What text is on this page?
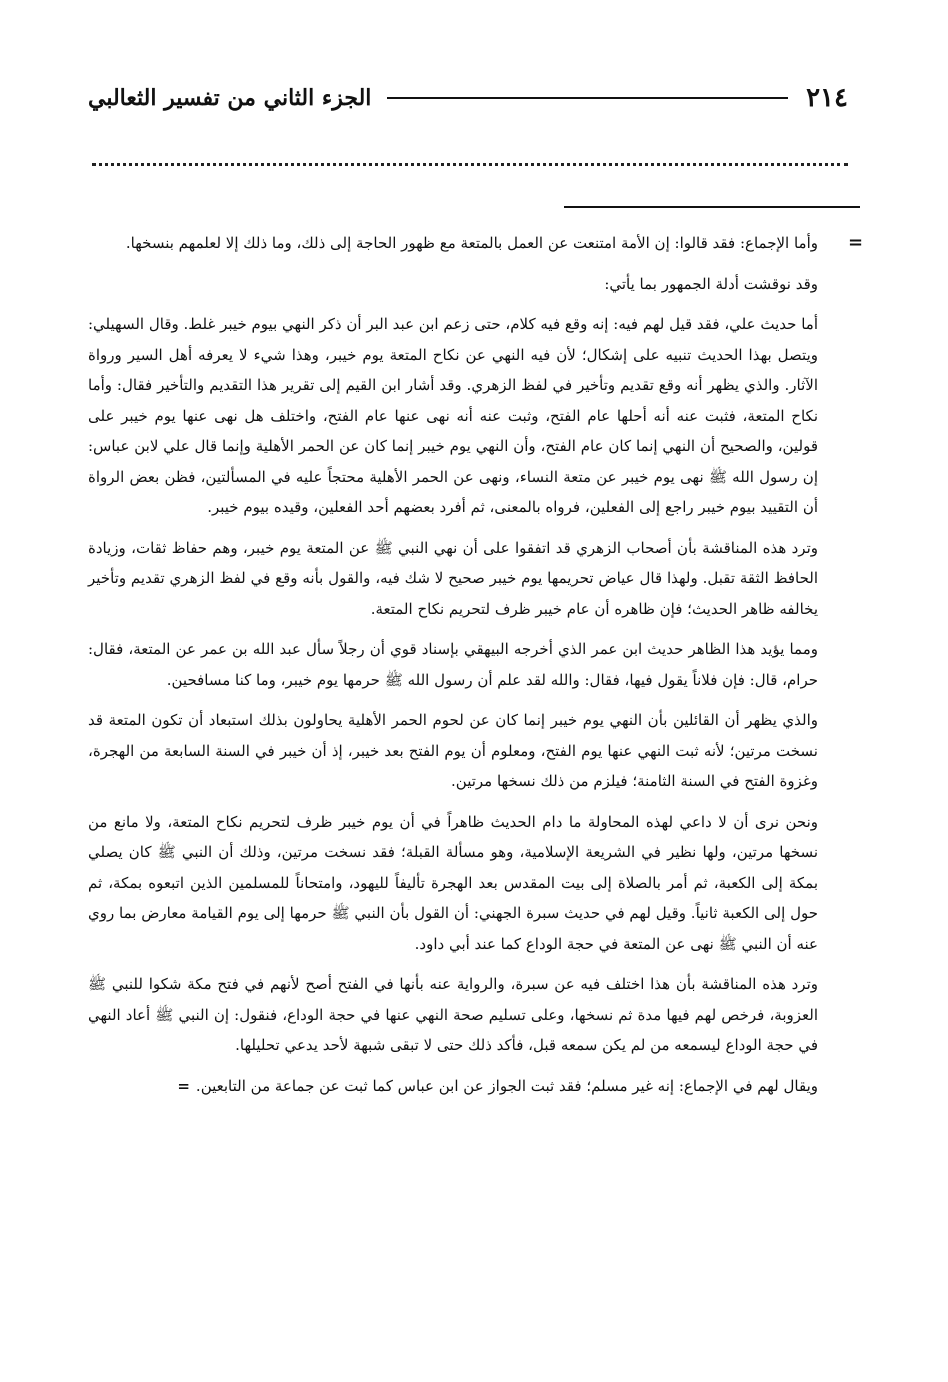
٢١٤
الجزء الثاني من تفسير الثعالبي
=

وأما الإجماع: فقد قالوا: إن الأمة امتنعت عن العمل بالمتعة مع ظهور الحاجة إلى ذلك، وما ذلك إلا لعلمهم بنسخها.

وقد نوقشت أدلة الجمهور بما يأتي:

أما حديث علي، فقد قيل لهم فيه: إنه وقع فيه كلام، حتى زعم ابن عبد البر أن ذكر النهي بيوم خيبر غلط. وقال السهيلي: ويتصل بهذا الحديث تنبيه على إشكال؛ لأن فيه النهي عن نكاح المتعة يوم خيبر، وهذا شيء لا يعرفه أهل السير ورواة الآثار. والذي يظهر أنه وقع تقديم وتأخير في لفظ الزهري. وقد أشار ابن القيم إلى تقرير هذا التقديم والتأخير فقال: وأما نكاح المتعة، فثبت عنه أنه أحلها عام الفتح، وثبت عنه أنه نهى عنها عام الفتح، واختلف هل نهى عنها يوم خيبر على قولين، والصحيح أن النهي إنما كان عام الفتح، وأن النهي يوم خيبر إنما كان عن الحمر الأهلية وإنما قال علي لابن عباس: إن رسول الله ﷺ نهى يوم خيبر عن متعة النساء، ونهى عن الحمر الأهلية محتجاً عليه في المسألتين، فظن بعض الرواة أن التقييد بيوم خيبر راجع إلى الفعلين، فرواه بالمعنى، ثم أفرد بعضهم أحد الفعلين، وقيده بيوم خيبر.

وترد هذه المناقشة بأن أصحاب الزهري قد اتفقوا على أن نهي النبي ﷺ عن المتعة يوم خيبر، وهم حفاظ ثقات، وزيادة الحافظ الثقة تقبل. ولهذا قال عياض تحريمها يوم خيبر صحيح لا شك فيه، والقول بأنه وقع في لفظ الزهري تقديم وتأخير يخالفه ظاهر الحديث؛ فإن ظاهره أن عام خيبر ظرف لتحريم نكاح المتعة.

ومما يؤيد هذا الظاهر حديث ابن عمر الذي أخرجه البيهقي بإسناد قوي أن رجلاً سأل عبد الله بن عمر عن المتعة، فقال: حرام، قال: فإن فلاناً يقول فيها، فقال: والله لقد علم أن رسول الله ﷺ حرمها يوم خيبر، وما كنا مسافحين.

والذي يظهر أن القائلين بأن النهي يوم خيبر إنما كان عن لحوم الحمر الأهلية يحاولون بذلك استبعاد أن تكون المتعة قد نسخت مرتين؛ لأنه ثبت النهي عنها يوم الفتح، ومعلوم أن يوم الفتح بعد خيبر، إذ أن خيبر في السنة السابعة من الهجرة، وغزوة الفتح في السنة الثامنة؛ فيلزم من ذلك نسخها مرتين.

ونحن نرى أن لا داعي لهذه المحاولة ما دام الحديث ظاهراً في أن يوم خيبر ظرف لتحريم نكاح المتعة، ولا مانع من نسخها مرتين، ولها نظير في الشريعة الإسلامية، وهو مسألة القبلة؛ فقد نسخت مرتين، وذلك أن النبي ﷺ كان يصلي بمكة إلى الكعبة، ثم أمر بالصلاة إلى بيت المقدس بعد الهجرة تأليفاً لليهود، وامتحاناً للمسلمين الذين اتبعوه بمكة، ثم حول إلى الكعبة ثانياً. وقيل لهم في حديث سبرة الجهني: أن القول بأن النبي ﷺ حرمها إلى يوم القيامة معارض بما روي عنه أن النبي ﷺ نهى عن المتعة في حجة الوداع كما عند أبي داود.

وترد هذه المناقشة بأن هذا اختلف فيه عن سبرة، والرواية عنه بأنها في الفتح أصح لأنهم في فتح مكة شكوا للنبي ﷺ العزوبة، فرخص لهم فيها مدة ثم نسخها، وعلى تسليم صحة النهي عنها في حجة الوداع، فنقول: إن النبي ﷺ أعاد النهي في حجة الوداع ليسمعه من لم يكن سمعه قبل، فأكد ذلك حتى لا تبقى شبهة لأحد يدعي تحليلها.

ويقال لهم في الإجماع: إنه غير مسلم؛ فقد ثبت الجواز عن ابن عباس كما ثبت عن جماعة من التابعين.=
